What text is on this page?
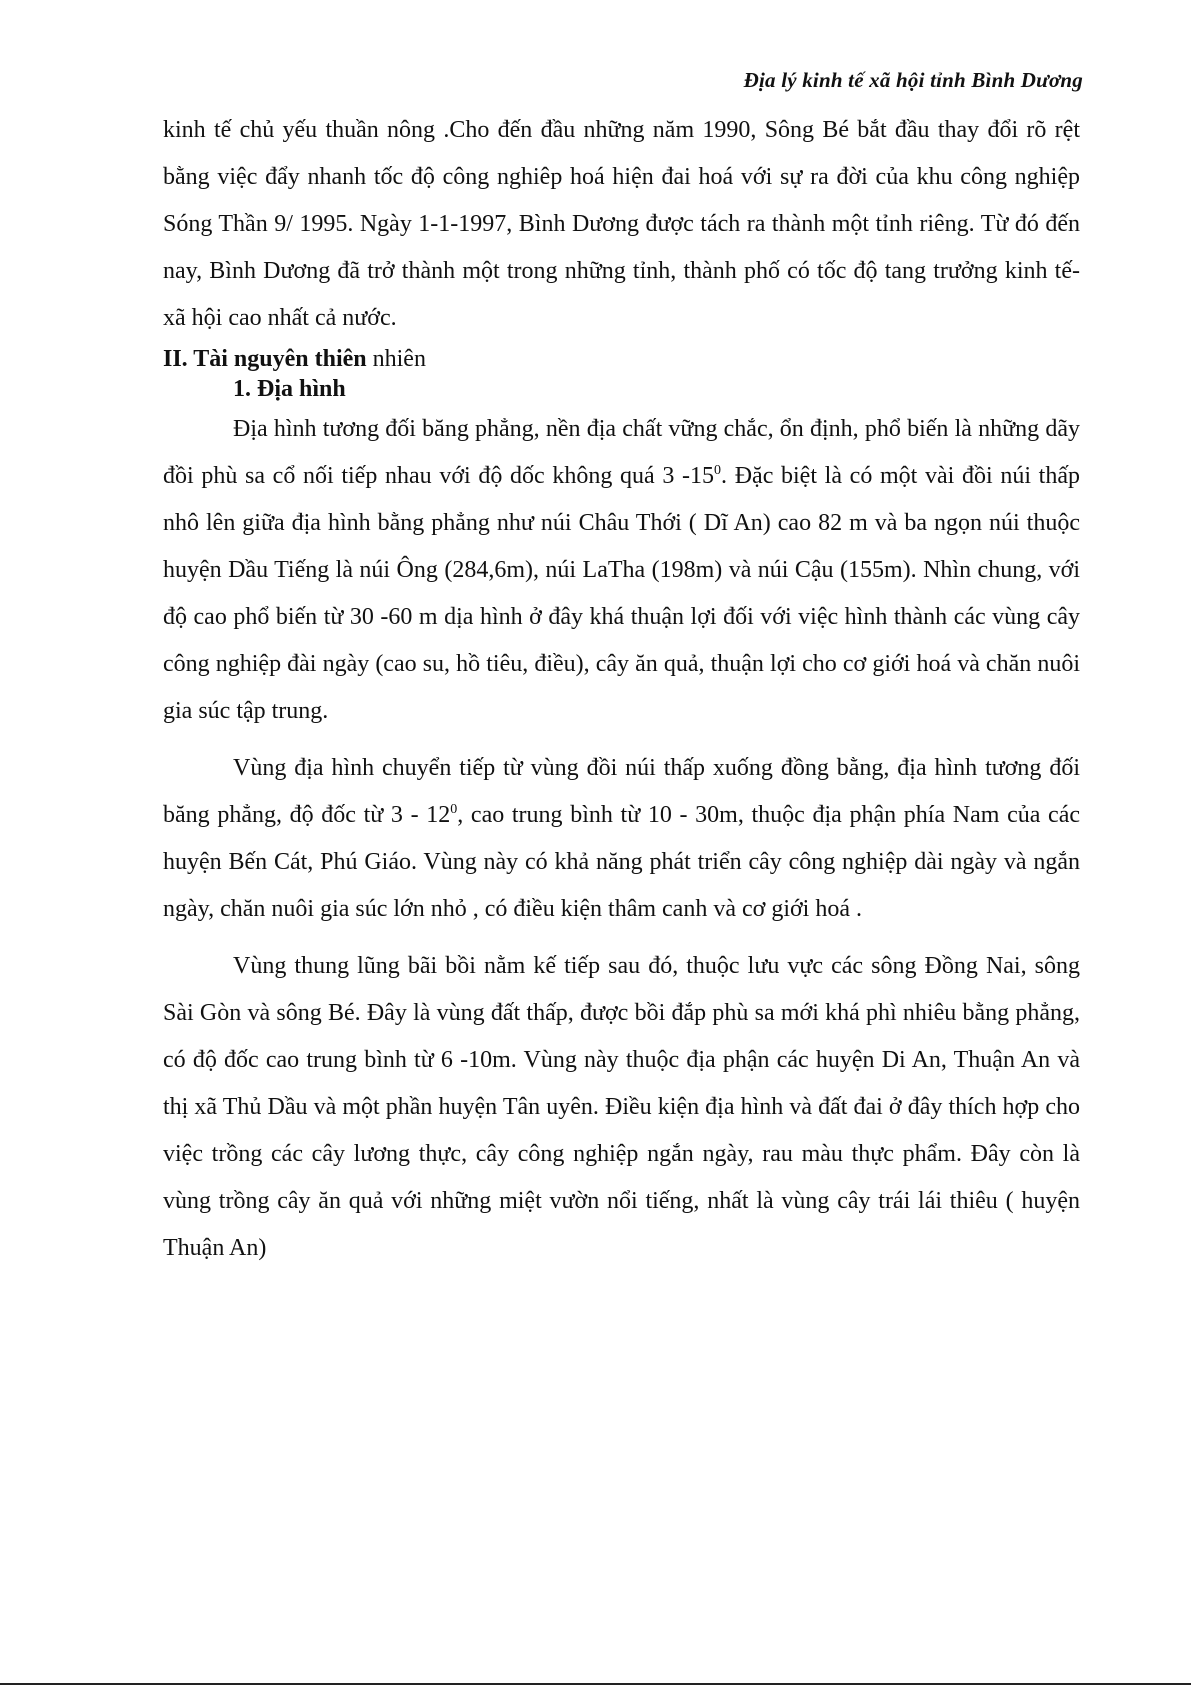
Địa lý kinh tế xã hội tỉnh Bình Dương

kinh tế chủ yếu thuần nông .Cho đến đầu những năm 1990, Sông Bé bắt đầu thay đổi rõ rệt bằng việc đẩy nhanh tốc độ công nghiêp hoá hiện đai hoá với sự ra đời của khu công nghiệp Sóng Thần 9/ 1995. Ngày 1-1-1997, Bình Dương được tách ra thành một tỉnh riêng. Từ đó đến nay, Bình Dương đã trở thành một trong những tỉnh, thành phố có tốc độ tang trưởng kinh tế-xã hội cao nhất cả nước.

II. Tài nguyên thiên nhiên

1. Địa hình

Địa hình tương đối băng phẳng, nền địa chất vững chắc, ổn định, phổ biến là những dãy đồi phù sa cổ nối tiếp nhau với độ dốc không quá 3 $-15^0$. Đặc biệt là có một vài đồi núi thấp nhô lên giữa địa hình bằng phẳng như núi Châu Thới ( Dĩ An) cao 82 m và ba ngọn núi thuộc huyện Dầu Tiếng là núi Ông (284,6m), núi LaTha (198m) và núi Cậu (155m). Nhìn chung, với độ cao phổ biến từ 30 -60 m dịa hình ở đây khá thuận lợi đối với việc hình thành các vùng cây công nghiệp đài ngày (cao su, hồ tiêu, điều), cây ăn quả, thuận lợi cho cơ giới hoá và chăn nuôi gia súc tập trung.

Vùng địa hình chuyển tiếp từ vùng đồi núi thấp xuống đồng bằng, địa hình tương đối băng phẳng, độ đốc từ $3 - 12^0$, cao trung bình từ 10 - 30m, thuộc địa phận phía Nam của các huyện Bến Cát, Phú Giáo. Vùng này có khả năng phát triển cây công nghiệp dài ngày và ngắn ngày, chăn nuôi gia súc lớn nhỏ , có điều kiện thâm canh và cơ giới hoá .

Vùng thung lũng bãi bồi nằm kế tiếp sau đó, thuộc lưu vực các sông Đồng Nai, sông Sài Gòn và sông Bé. Đây là vùng đất thấp, được bồi đắp phù sa mới khá phì nhiêu bằng phẳng, có độ đốc cao trung bình từ 6 -10m. Vùng này thuộc địa phận các huyện Di An, Thuận An và thị xã Thủ Dầu và một phần huyện Tân uyên. Điều kiện địa hình và đất đai ở đây thích hợp cho việc trồng các cây lương thực, cây công nghiệp ngắn ngày, rau màu thực phẩm. Đây còn là vùng trồng cây ăn quả với những miệt vườn nổi tiếng, nhất là vùng cây trái lái thiêu ( huyện Thuận An)
